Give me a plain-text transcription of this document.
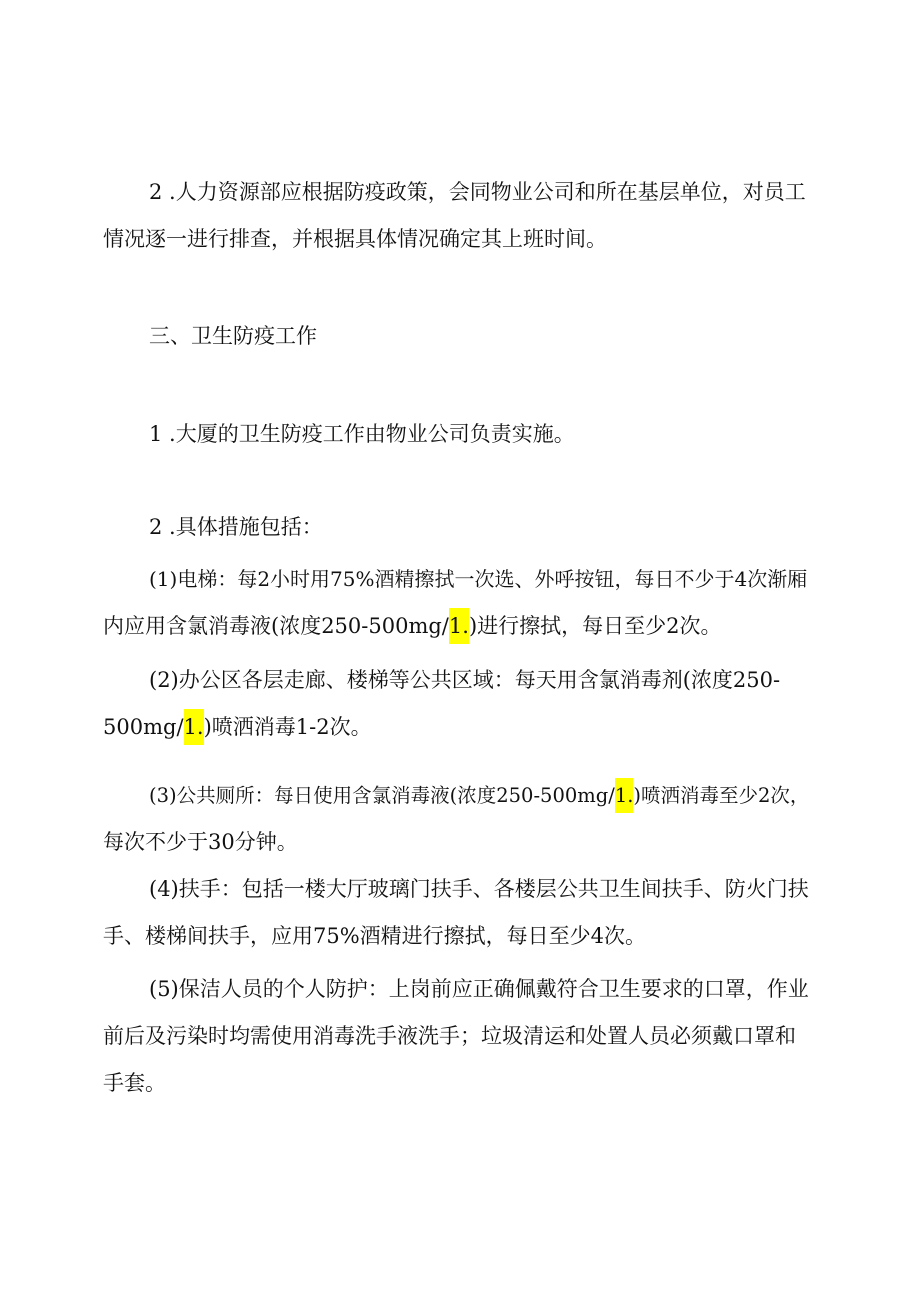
2 .人力资源部应根据防疫政策，会同物业公司和所在基层单位，对员工
情况逐一进行排查，并根据具体情况确定其上班时间。
三、卫生防疫工作
1 .大厦的卫生防疫工作由物业公司负责实施。
2 .具体措施包括：
(1)电梯：每2小时用75%酒精擦拭一次选、外呼按钮，每日不少于4次渐厢
内应用含氯消毒液(浓度250-500mg/1.)进行擦拭，每日至少2次。
(2)办公区各层走廊、楼梯等公共区域：每天用含氯消毒剂(浓度250-
500mg/1.)喷洒消毒1-2次。
(3)公共厕所：每日使用含氯消毒液(浓度250-500mg/1.)喷洒消毒至少2次，
每次不少于30分钟。
(4)扶手：包括一楼大厅玻璃门扶手、各楼层公共卫生间扶手、防火门扶
手、楼梯间扶手，应用75%酒精进行擦拭，每日至少4次。
(5)保洁人员的个人防护：上岗前应正确佩戴符合卫生要求的口罩，作业
前后及污染时均需使用消毒洗手液洗手；垃圾清运和处置人员必须戴口罩和
手套。
